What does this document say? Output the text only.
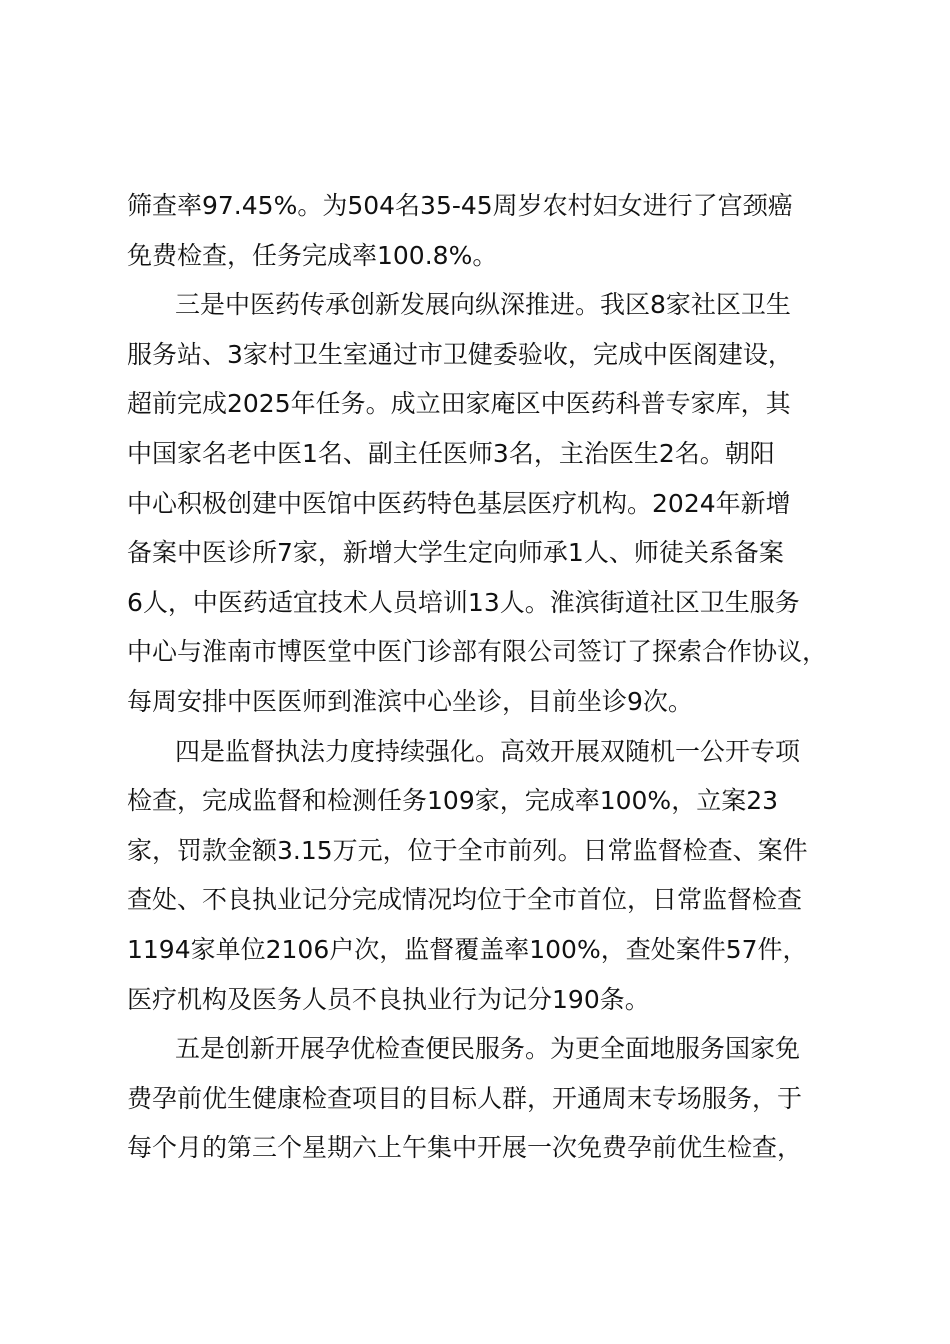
筛查率97.45%。为504名35-45周岁农村妇女进行了宫颈癌
免费检查，任务完成率100.8%。
三是中医药传承创新发展向纵深推进。我区8家社区卫生
服务站、3家村卫生室通过市卫健委验收，完成中医阁建设，
超前完成2025年任务。成立田家庵区中医药科普专家库，其
中国家名老中医1名、副主任医师3名，主治医生2名。朝阳
中心积极创建中医馆中医药特色基层医疗机构。2024年新增
备案中医诊所7家，新增大学生定向师承1人、师徒关系备案
6人，中医药适宜技术人员培训13人。淮滨街道社区卫生服务
中心与淮南市博医堂中医门诊部有限公司签订了探索合作协议，
每周安排中医医师到淮滨中心坐诊，目前坐诊9次。
四是监督执法力度持续强化。高效开展双随机一公开专项
检查，完成监督和检测任务109家，完成率100%，立案23
家，罚款金额3.15万元，位于全市前列。日常监督检查、案件
查处、不良执业记分完成情况均位于全市首位，日常监督检查
1194家单位2106户次，监督覆盖率100%，查处案件57件，
医疗机构及医务人员不良执业行为记分190条。
五是创新开展孕优检查便民服务。为更全面地服务国家免
费孕前优生健康检查项目的目标人群，开通周末专场服务，于
每个月的第三个星期六上午集中开展一次免费孕前优生检查，
